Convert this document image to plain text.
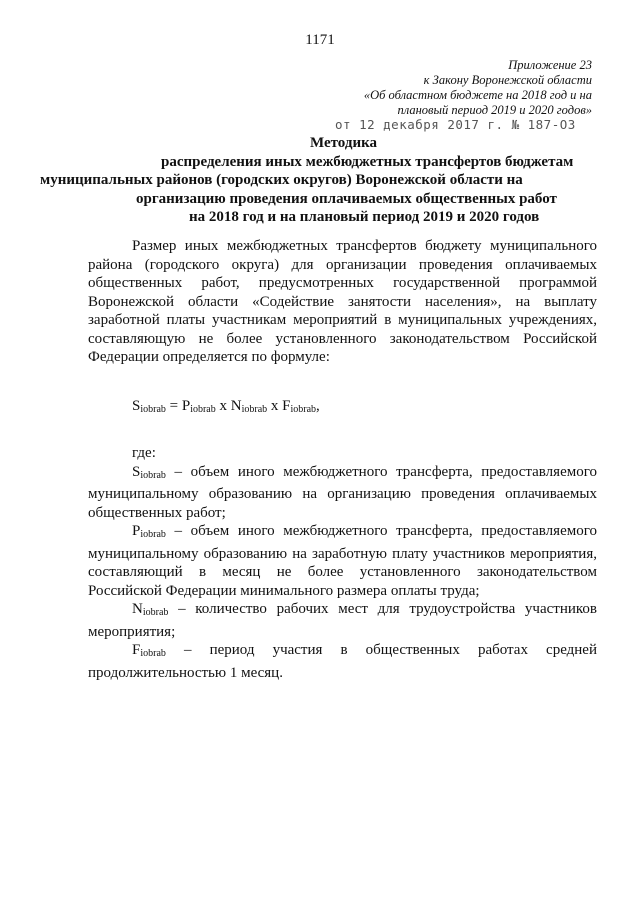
1171
Приложение 23
к Закону Воронежской области
«Об областном бюджете на 2018 год и на
плановый период 2019 и 2020 годов»
от 12 декабря 2017 г. № 187-ОЗ
Методика
распределения иных межбюджетных трансфертов бюджетам
муниципальных районов (городских округов) Воронежской области на
организацию проведения оплачиваемых общественных работ
на 2018 год и на плановый период 2019 и 2020 годов

Размер иных межбюджетных трансфертов бюджету муниципального района (городского округа) для организации проведения оплачиваемых общественных работ, предусмотренных государственной программой Воронежской области «Содействие занятости населения», на выплату заработной платы участникам мероприятий в муниципальных учреждениях, составляющую не более установленного законодательством Российской Федерации определяется по формуле:

$S_{iobrab} = P_{iobrab}$ x $N_{iobrab}$ x $F_{iobrab}$,
где:

$S_{iobrab}$ – объем иного межбюджетного трансферта, предоставляемого муниципальному образованию на организацию проведения оплачиваемых общественных работ;

$P_{iobrab}$ – объем иного межбюджетного трансферта, предоставляемого муниципальному образованию на заработную плату участников мероприятия, составляющий в месяц не более установленного законодательством Российской Федерации минимального размера оплаты труда;

$N_{iobrab}$ – количество рабочих мест для трудоустройства участников мероприятия;

$F_{iobrab}$ – период участия в общественных работах средней продолжительностью 1 месяц.
